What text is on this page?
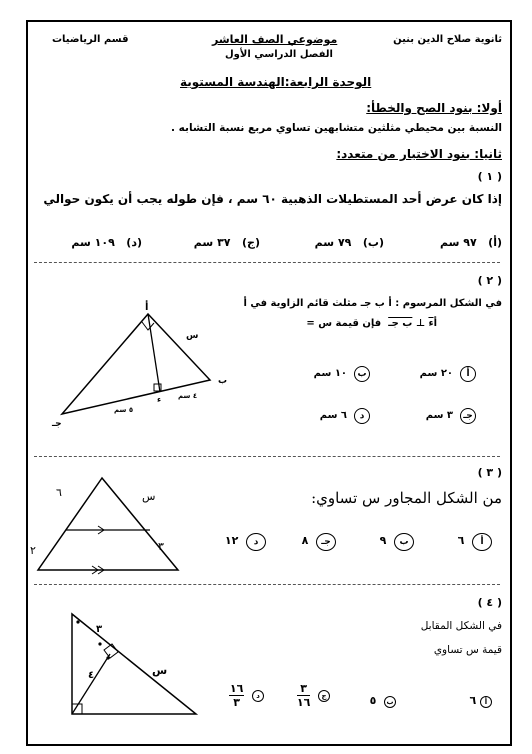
ثانوية صلاح الدين بنين
موضوعي الصف العاشر
الفصل الدراسي الأول
قسم الرياضيات
الوحدة الرابعة:الهندسة المستوية
أولا: بنود الصح والخطأ:
النسبة بين محيطي مثلثين متشابهين تساوي مربع نسبة التشابه .
ثانيا: بنود الاختيار من متعدد:
( ١ )
إذا كان عرض أحد المستطيلات الذهبية ٦٠ سم ، فإن طوله يجب أن يكون حوالي
(أ)   ٩٧ سم
(ب)   ٧٩ سم
(ج)   ٣٧ سم
(د)   ١٠٩ سم
( ٢ )
في الشكل المرسوم : أ ب جـ مثلث قائم الزاوية في أ
أء ⊥ ب جـ  فإن قيمة س =
أ  ٢٠ سم
ب  ١٠ سم
جـ  ٣ سم
د  ٦ سم
أ
ب
جـ
ء
س
٤ سم
٥ سم
( ٣ )
من الشكل المجاور س تساوي:
أ  ٦
ب  ٩
جـ  ٨
د  ١٢
٦	س
٢	٣
( ٤ )
في الشكل المقابل
قيمة س تساوي
أ ٦
ب  ٥
ج
٣
١٦
د
١٦
٣
٣
س
٤
